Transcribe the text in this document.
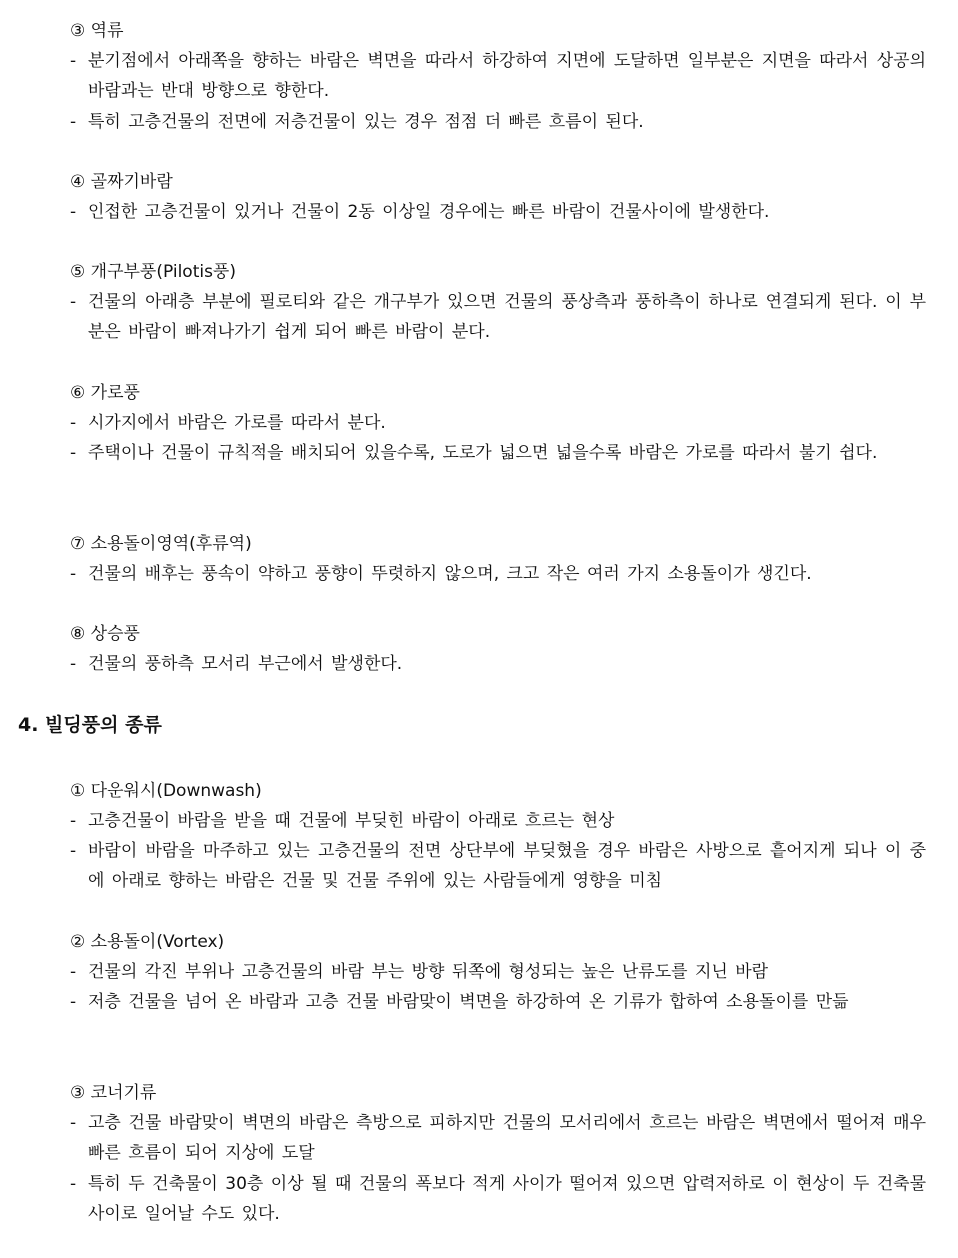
③ 역류

- 분기점에서 아래쪽을 향하는 바람은 벽면을 따라서 하강하여 지면에 도달하면 일부분은 지면을 따라서 상공의 바람과는 반대 방향으로 향한다.

- 특히 고층건물의 전면에 저층건물이 있는 경우 점점 더 빠른 흐름이 된다.

④ 골짜기바람

- 인접한 고층건물이 있거나 건물이 2동 이상일 경우에는 빠른 바람이 건물사이에 발생한다.

⑤ 개구부풍(Pilotis풍)

- 건물의 아래층 부분에 필로티와 같은 개구부가 있으면 건물의 풍상측과 풍하측이 하나로 연결되게 된다. 이 부분은 바람이 빠져나가기 쉽게 되어 빠른 바람이 분다.

⑥ 가로풍

- 시가지에서 바람은 가로를 따라서 분다.

- 주택이나 건물이 규칙적을 배치되어 있을수록, 도로가 넓으면 넓을수록 바람은 가로를 따라서 불기 쉽다.

⑦ 소용돌이영역(후류역)

- 건물의 배후는 풍속이 약하고 풍향이 뚜렷하지 않으며, 크고 작은 여러 가지 소용돌이가 생긴다.

⑧ 상승풍

- 건물의 풍하측 모서리 부근에서 발생한다.

4. 빌딩풍의 종류

① 다운워시(Downwash)

- 고층건물이 바람을 받을 때 건물에 부딪힌 바람이 아래로 흐르는 현상

- 바람이 바람을 마주하고 있는 고층건물의 전면 상단부에 부딪혔을 경우 바람은 사방으로 흩어지게 되나 이 중에 아래로 향하는 바람은 건물 및 건물 주위에 있는 사람들에게 영향을 미침

② 소용돌이(Vortex)

- 건물의 각진 부위나 고층건물의 바람 부는 방향 뒤쪽에 형성되는 높은 난류도를 지닌 바람

- 저층 건물을 넘어 온 바람과 고층 건물 바람맞이 벽면을 하강하여 온 기류가 합하여 소용돌이를 만듦

③ 코너기류

- 고층 건물 바람맞이 벽면의 바람은 측방으로 피하지만 건물의 모서리에서 흐르는 바람은 벽면에서 떨어져 매우 빠른 흐름이 되어 지상에 도달

- 특히 두 건축물이 30층 이상 될 때 건물의 폭보다 적게 사이가 떨어져 있으면 압력저하로 이 현상이 두 건축물 사이로 일어날 수도 있다.
